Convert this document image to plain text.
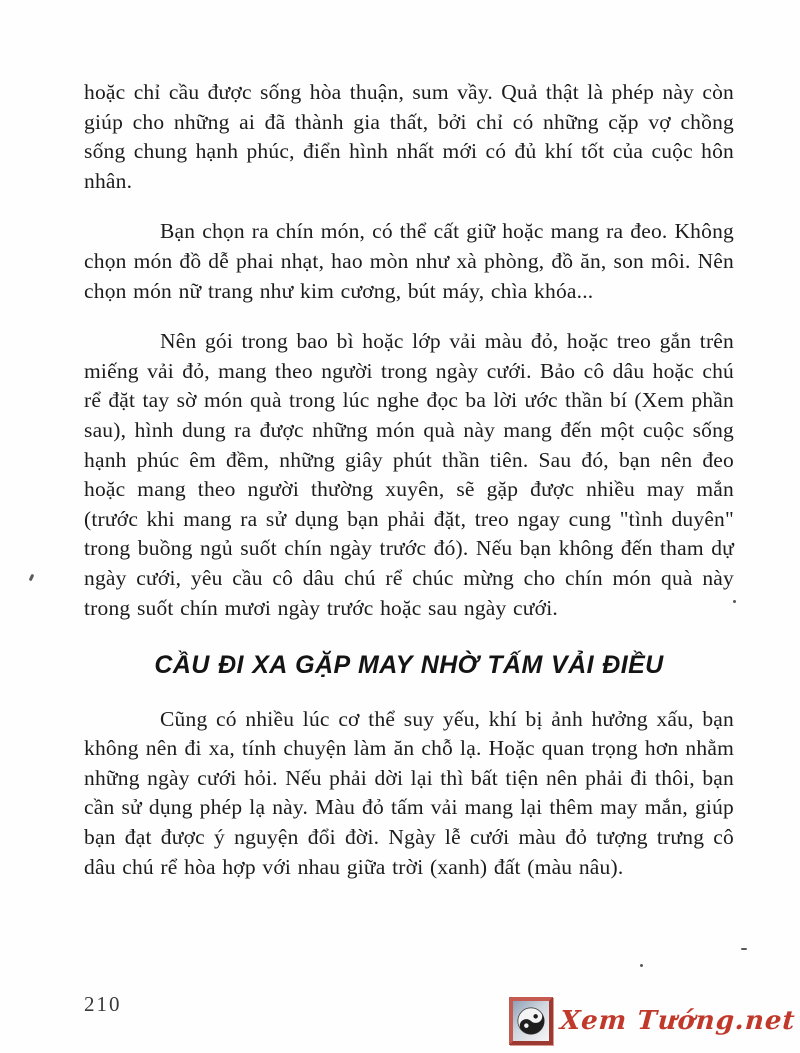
hoặc chỉ cầu được sống hòa thuận, sum vầy. Quả thật là phép này còn giúp cho những ai đã thành gia thất, bởi chỉ có những cặp vợ chồng sống chung hạnh phúc, điển hình nhất mới có đủ khí tốt của cuộc hôn nhân.

Bạn chọn ra chín món, có thể cất giữ hoặc mang ra đeo. Không chọn món đồ dễ phai nhạt, hao mòn như xà phòng, đồ ăn, son môi. Nên chọn món nữ trang như kim cương, bút máy, chìa khóa...

Nên gói trong bao bì hoặc lớp vải màu đỏ, hoặc treo gắn trên miếng vải đỏ, mang theo người trong ngày cưới. Bảo cô dâu hoặc chú rể đặt tay sờ món quà trong lúc nghe đọc ba lời ước thần bí (Xem phần sau), hình dung ra được những món quà này mang đến một cuộc sống hạnh phúc êm đềm, những giây phút thần tiên. Sau đó, bạn nên đeo hoặc mang theo người thường xuyên, sẽ gặp được nhiều may mắn (trước khi mang ra sử dụng bạn phải đặt, treo ngay cung "tình duyên" trong buồng ngủ suốt chín ngày trước đó). Nếu bạn không đến tham dự ngày cưới, yêu cầu cô dâu chú rể chúc mừng cho chín món quà này trong suốt chín mươi ngày trước hoặc sau ngày cưới.

CẦU ĐI XA GẶP MAY NHỜ TẤM VẢI ĐIỀU

Cũng có nhiều lúc cơ thể suy yếu, khí bị ảnh hưởng xấu, bạn không nên đi xa, tính chuyện làm ăn chỗ lạ. Hoặc quan trọng hơn nhằm những ngày cưới hỏi. Nếu phải dời lại thì bất tiện nên phải đi thôi, bạn cần sử dụng phép lạ này. Màu đỏ tấm vải mang lại thêm may mắn, giúp bạn đạt được ý nguyện đổi đời. Ngày lễ cưới màu đỏ tượng trưng cô dâu chú rể hòa hợp với nhau giữa trời (xanh) đất (màu nâu).

210
Xem Tướng.net
